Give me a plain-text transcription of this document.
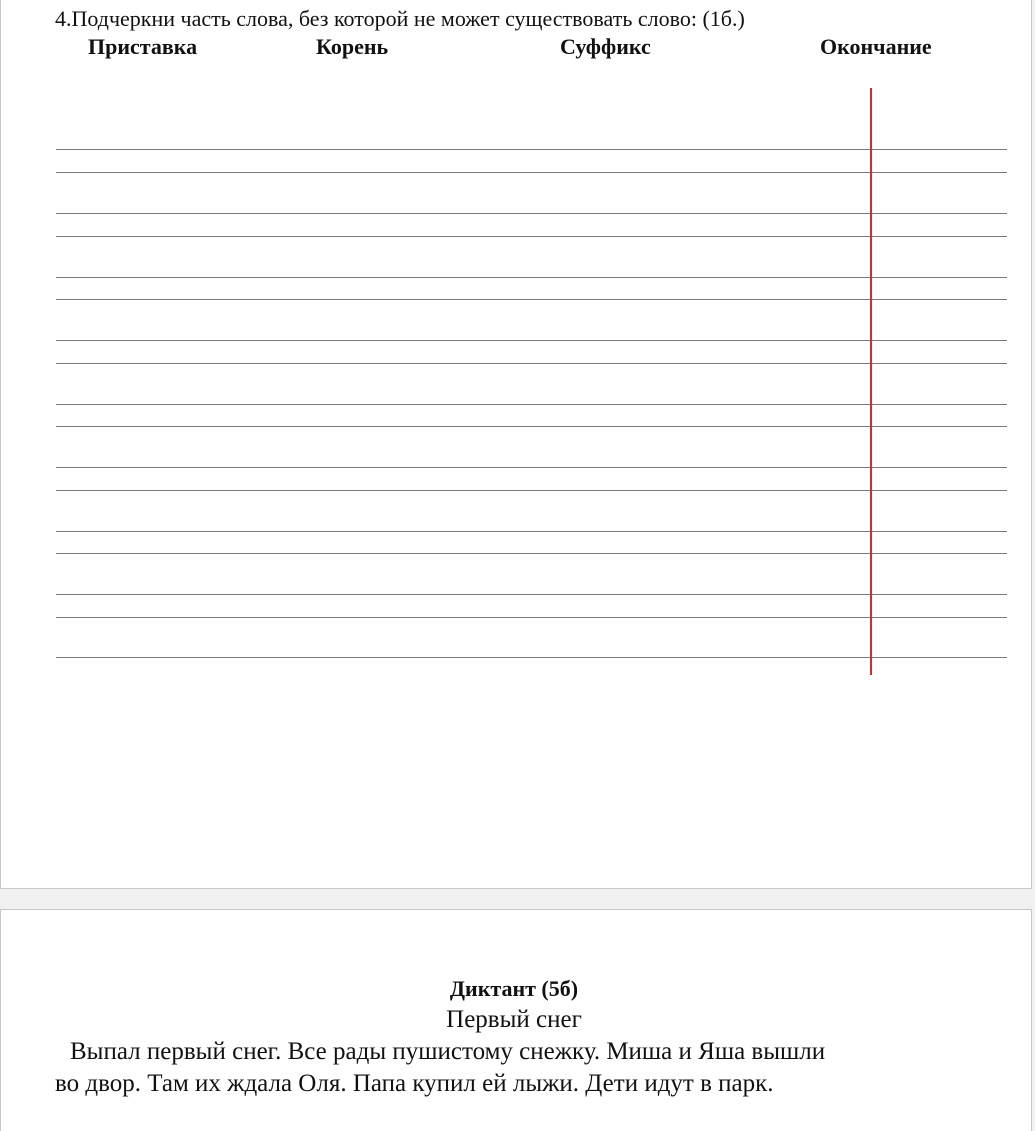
4.Подчеркни часть слова, без которой не может существовать слово: (1б.)
Приставка	Корень	Суффикс	Окончание
Диктант (5б)
Первый снег
Выпал первый снег. Все рады пушистому снежку. Миша и Яша вышли
во двор. Там их ждала Оля. Папа купил ей лыжи. Дети идут в парк.
